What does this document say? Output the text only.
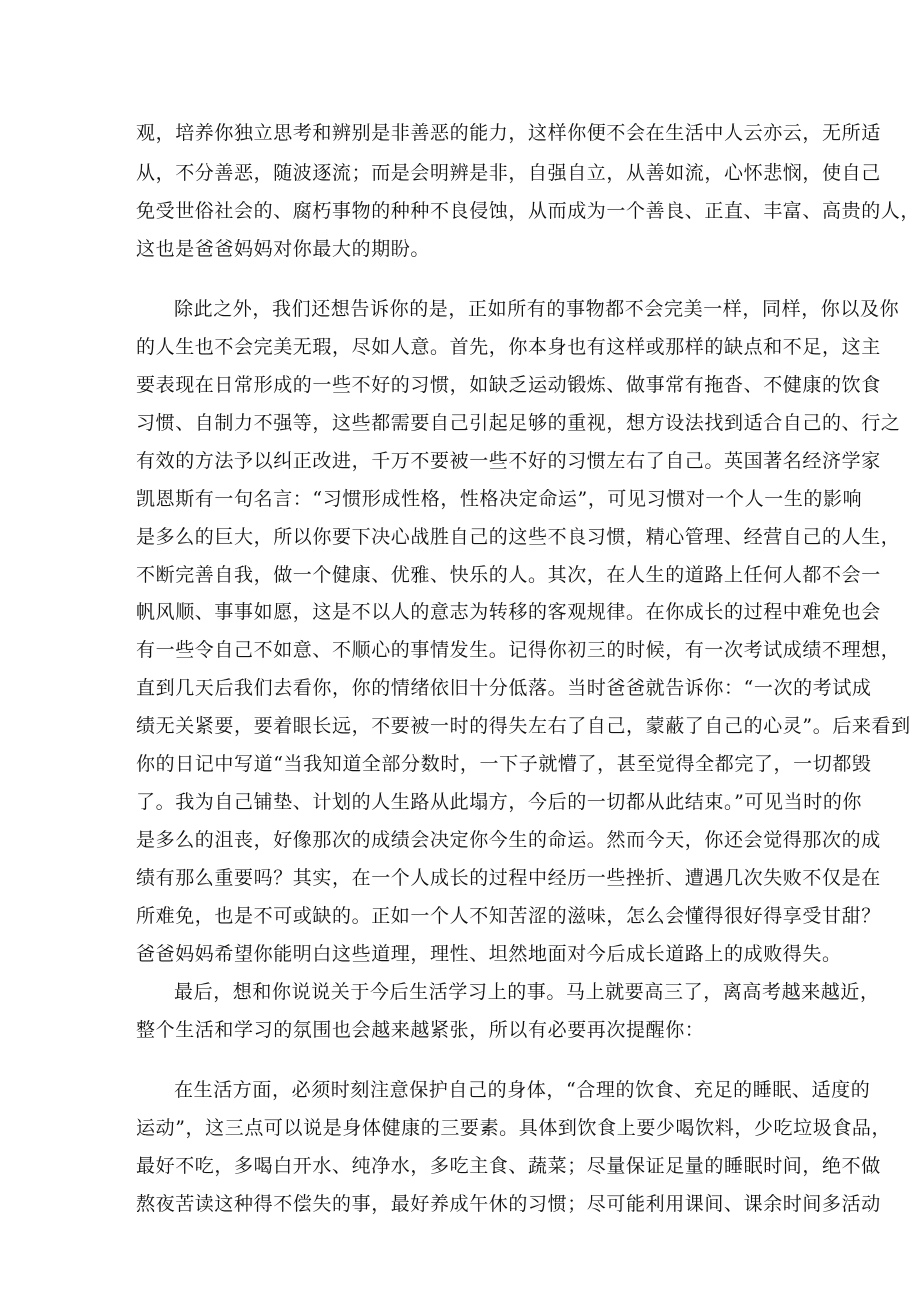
观，培养你独立思考和辨别是非善恶的能力，这样你便不会在生活中人云亦云，无所适
从，不分善恶，随波逐流；而是会明辨是非，自强自立，从善如流，心怀悲悯，使自己
免受世俗社会的、腐朽事物的种种不良侵蚀，从而成为一个善良、正直、丰富、高贵的人，
这也是爸爸妈妈对你最大的期盼。
除此之外，我们还想告诉你的是，正如所有的事物都不会完美一样，同样，你以及你
的人生也不会完美无瑕，尽如人意。首先，你本身也有这样或那样的缺点和不足，这主
要表现在日常形成的一些不好的习惯，如缺乏运动锻炼、做事常有拖沓、不健康的饮食
习惯、自制力不强等，这些都需要自己引起足够的重视，想方设法找到适合自己的、行之
有效的方法予以纠正改进，千万不要被一些不好的习惯左右了自己。英国著名经济学家
凯恩斯有一句名言：“习惯形成性格，性格决定命运”，可见习惯对一个人一生的影响
是多么的巨大，所以你要下决心战胜自己的这些不良习惯，精心管理、经营自己的人生，
不断完善自我，做一个健康、优雅、快乐的人。其次，在人生的道路上任何人都不会一
帆风顺、事事如愿，这是不以人的意志为转移的客观规律。在你成长的过程中难免也会
有一些令自己不如意、不顺心的事情发生。记得你初三的时候，有一次考试成绩不理想，
直到几天后我们去看你，你的情绪依旧十分低落。当时爸爸就告诉你：“一次的考试成
绩无关紧要，要着眼长远，不要被一时的得失左右了自己，蒙蔽了自己的心灵”。后来看到
你的日记中写道“当我知道全部分数时，一下子就懵了，甚至觉得全都完了，一切都毁
了。我为自己铺垫、计划的人生路从此塌方，今后的一切都从此结束。”可见当时的你
是多么的沮丧，好像那次的成绩会决定你今生的命运。然而今天，你还会觉得那次的成
绩有那么重要吗？其实，在一个人成长的过程中经历一些挫折、遭遇几次失败不仅是在
所难免，也是不可或缺的。正如一个人不知苦涩的滋味，怎么会懂得很好得享受甘甜？
爸爸妈妈希望你能明白这些道理，理性、坦然地面对今后成长道路上的成败得失。
最后，想和你说说关于今后生活学习上的事。马上就要高三了，离高考越来越近，
整个生活和学习的氛围也会越来越紧张，所以有必要再次提醒你：
在生活方面，必须时刻注意保护自己的身体，“合理的饮食、充足的睡眠、适度的
运动”，这三点可以说是身体健康的三要素。具体到饮食上要少喝饮料，少吃垃圾食品，
最好不吃，多喝白开水、纯净水，多吃主食、蔬菜；尽量保证足量的睡眠时间，绝不做
熬夜苦读这种得不偿失的事，最好养成午休的习惯；尽可能利用课间、课余时间多活动
